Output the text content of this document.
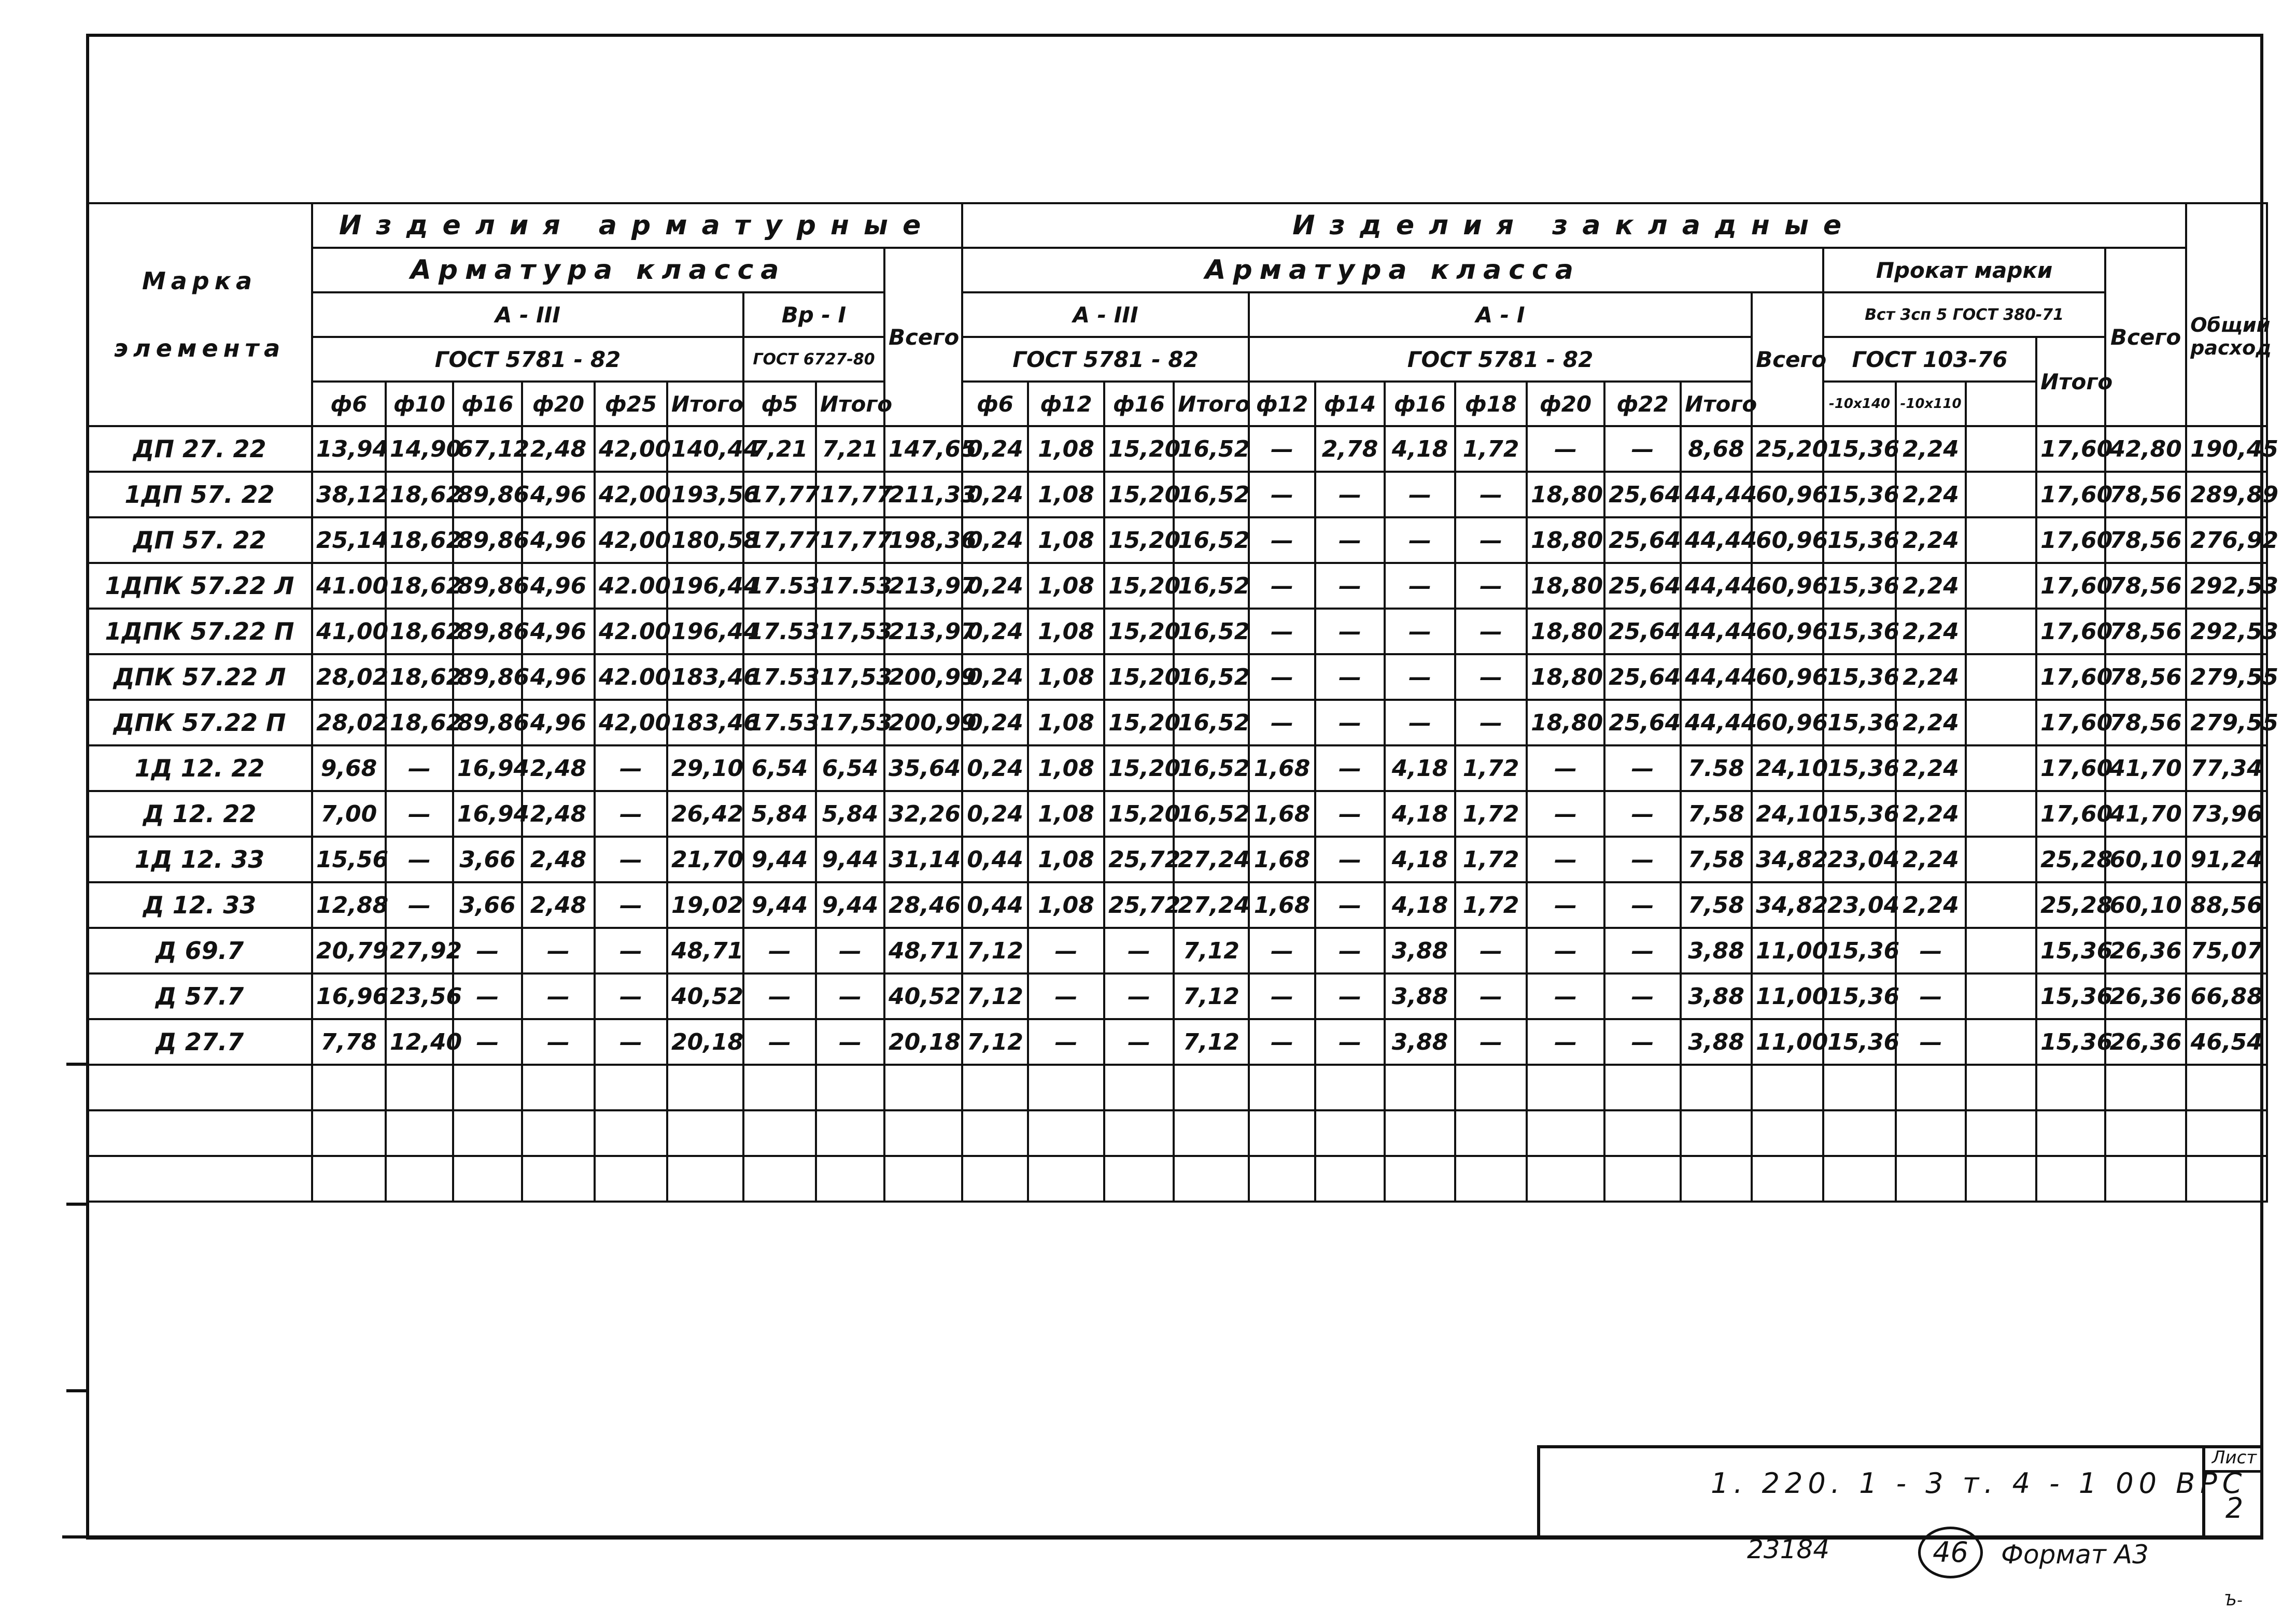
Марка элемента	Изделия арматурные									Изделия закладные																	
	Арматура класса								Всего	Арматура класса												Прокат марки				Всего	Общий расход
	А - III						Вр - I			А - III				А - I							Всего	Вст 3сп 5 ГОСТ 380-71					
	ГОСТ 5781 - 82						ГОСТ 6727-80			ГОСТ 5781 - 82				ГОСТ 5781 - 82								ГОСТ 103-76			Итого		
	ф6	ф10	ф16	ф20	ф25	Итого	ф5	Итого		ф6	ф12	ф16	Итого	ф12	ф14	ф16	ф18	ф20	ф22	Итого		-10х140	-10х110				
ДП 27. 22	13,94	14,90	67,12	2,48	42,00	140,44	7,21	7,21	147,65	0,24	1,08	15,20	16,52	—	2,78	4,18	1,72	—	—	8,68	25,20	15,36	2,24		17,60	42,80	190,45
1ДП 57. 22	38,12	18,62	89,86	4,96	42,00	193,56	17,77	17,77	211,33	0,24	1,08	15,20	16,52	—	—	—	—	18,80	25,64	44,44	60,96	15,36	2,24		17,60	78,56	289,89
ДП 57. 22	25,14	18,62	89,86	4,96	42,00	180,58	17,77	17,77	198,36	0,24	1,08	15,20	16,52	—	—	—	—	18,80	25,64	44,44	60,96	15,36	2,24		17,60	78,56	276,92
1ДПК 57.22 Л	41.00	18,62	89,86	4,96	42.00	196,44	17.53	17.53	213,97	0,24	1,08	15,20	16,52	—	—	—	—	18,80	25,64	44,44	60,96	15,36	2,24		17,60	78,56	292,53
1ДПК 57.22 П	41,00	18,62	89,86	4,96	42.00	196,44	17.53	17,53	213,97	0,24	1,08	15,20	16,52	—	—	—	—	18,80	25,64	44,44	60,96	15,36	2,24		17,60	78,56	292,53
ДПК 57.22 Л	28,02	18,62	89,86	4,96	42.00	183,46	17.53	17,53	200,99	0,24	1,08	15,20	16,52	—	—	—	—	18,80	25,64	44,44	60,96	15,36	2,24		17,60	78,56	279,55
ДПК 57.22 П	28,02	18,62	89,86	4,96	42,00	183,46	17.53	17,53	200,99	0,24	1,08	15,20	16,52	—	—	—	—	18,80	25,64	44,44	60,96	15,36	2,24		17,60	78,56	279,55
1Д 12. 22	9,68	—	16,94	2,48	—	29,10	6,54	6,54	35,64	0,24	1,08	15,20	16,52	1,68	—	4,18	1,72	—	—	7.58	24,10	15,36	2,24		17,60	41,70	77,34
Д 12. 22	7,00	—	16,94	2,48	—	26,42	5,84	5,84	32,26	0,24	1,08	15,20	16,52	1,68	—	4,18	1,72	—	—	7,58	24,10	15,36	2,24		17,60	41,70	73,96
1Д 12. 33	15,56	—	3,66	2,48	—	21,70	9,44	9,44	31,14	0,44	1,08	25,72	27,24	1,68	—	4,18	1,72	—	—	7,58	34,82	23,04	2,24		25,28	60,10	91,24
Д 12. 33	12,88	—	3,66	2,48	—	19,02	9,44	9,44	28,46	0,44	1,08	25,72	27,24	1,68	—	4,18	1,72	—	—	7,58	34,82	23,04	2,24		25,28	60,10	88,56
Д 69.7	20,79	27,92	—	—	—	48,71	—	—	48,71	7,12	—	—	7,12	—	—	3,88	—	—	—	3,88	11,00	15,36	—		15,36	26,36	75,07
Д 57.7	16,96	23,56	—	—	—	40,52	—	—	40,52	7,12	—	—	7,12	—	—	3,88	—	—	—	3,88	11,00	15,36	—		15,36	26,36	66,88
Д 27.7	7,78	12,40	—	—	—	20,18	—	—	20,18	7,12	—	—	7,12	—	—	3,88	—	—	—	3,88	11,00	15,36	—		15,36	26,36	46,54

1. 220. 1 - 3 т. 4 - 1 00 ВРС
Лист
2
23184	46	Формат А3
Ъ-
